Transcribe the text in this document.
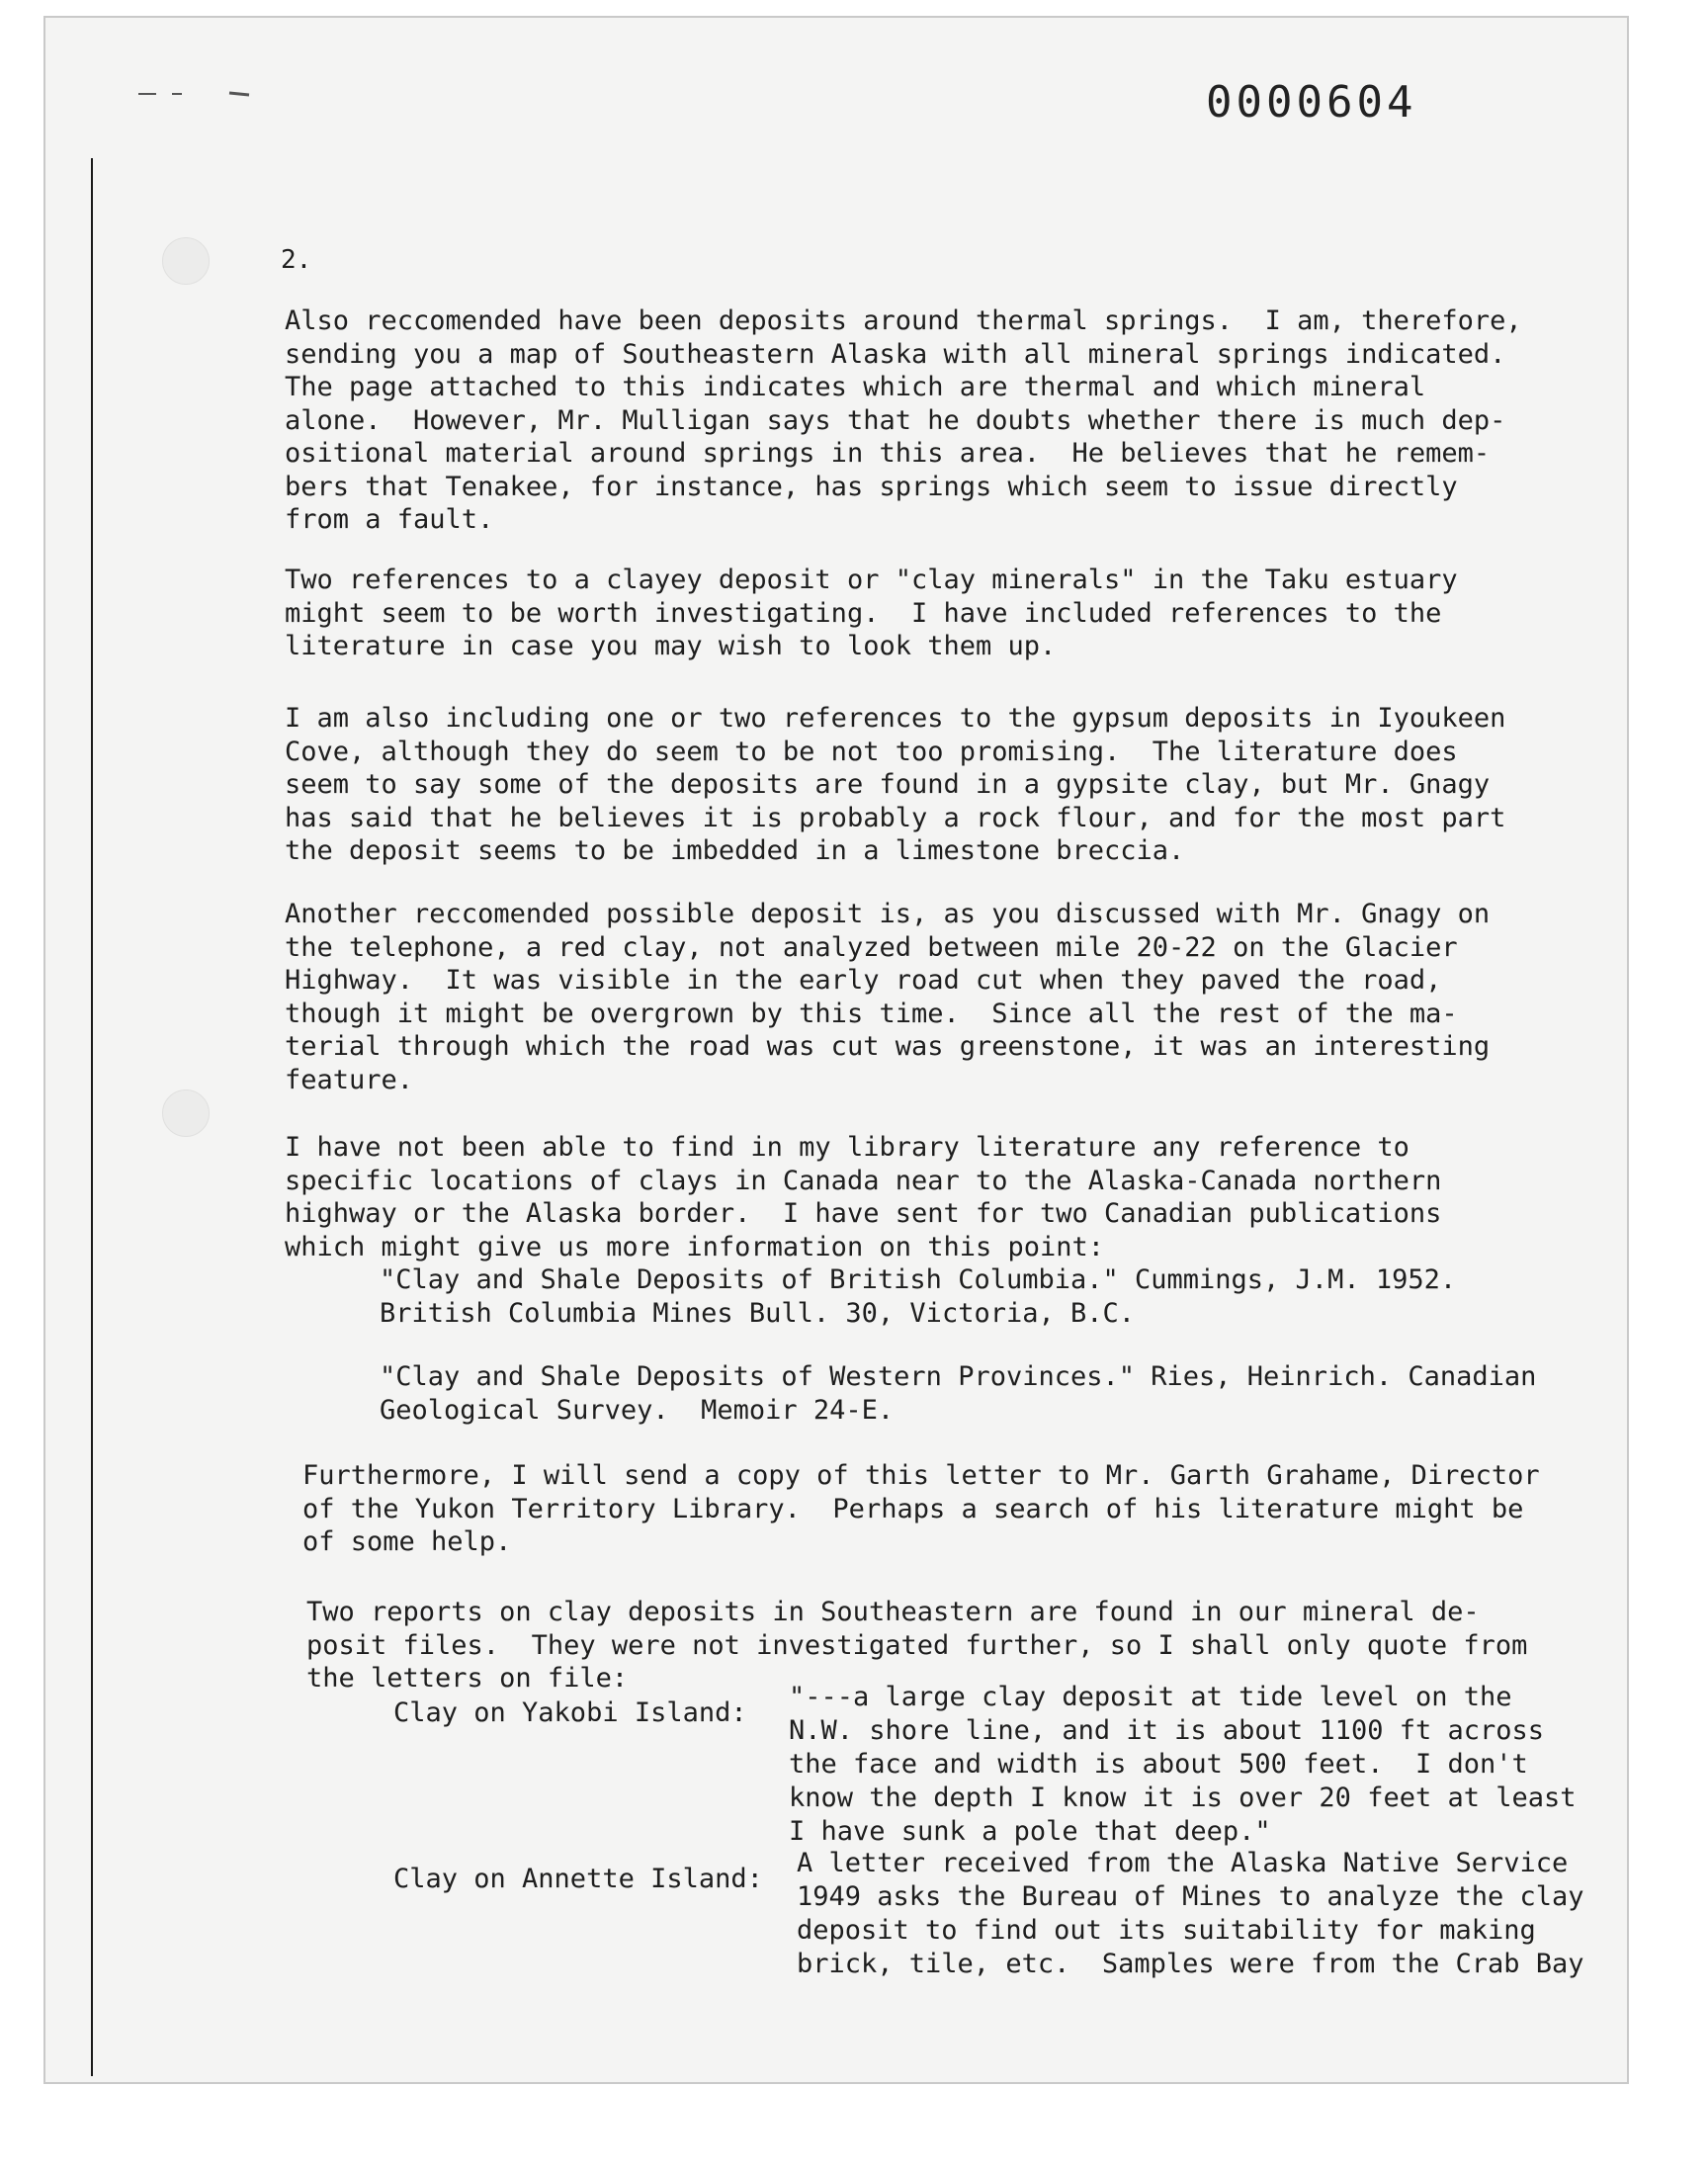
0000604
2.

Also reccomended have been deposits around thermal springs.  I am, therefore,
sending you a map of Southeastern Alaska with all mineral springs indicated.
The page attached to this indicates which are thermal and which mineral
alone.  However, Mr. Mulligan says that he doubts whether there is much dep-
ositional material around springs in this area.  He believes that he remem-
bers that Tenakee, for instance, has springs which seem to issue directly
from a fault.

Two references to a clayey deposit or "clay minerals" in the Taku estuary
might seem to be worth investigating.  I have included references to the
literature in case you may wish to look them up.

I am also including one or two references to the gypsum deposits in Iyoukeen
Cove, although they do seem to be not too promising.  The literature does
seem to say some of the deposits are found in a gypsite clay, but Mr. Gnagy
has said that he believes it is probably a rock flour, and for the most part
the deposit seems to be imbedded in a limestone breccia.

Another reccomended possible deposit is, as you discussed with Mr. Gnagy on
the telephone, a red clay, not analyzed between mile 20-22 on the Glacier
Highway.  It was visible in the early road cut when they paved the road,
though it might be overgrown by this time.  Since all the rest of the ma-
terial through which the road was cut was greenstone, it was an interesting
feature.

I have not been able to find in my library literature any reference to
specific locations of clays in Canada near to the Alaska-Canada northern
highway or the Alaska border.  I have sent for two Canadian publications
which might give us more information on this point:

"Clay and Shale Deposits of British Columbia." Cummings, J.M. 1952.
British Columbia Mines Bull. 30, Victoria, B.C.

"Clay and Shale Deposits of Western Provinces." Ries, Heinrich. Canadian
Geological Survey.  Memoir 24-E.

Furthermore, I will send a copy of this letter to Mr. Garth Grahame, Director
of the Yukon Territory Library.  Perhaps a search of his literature might be
of some help.

Two reports on clay deposits in Southeastern are found in our mineral de-
posit files.  They were not investigated further, so I shall only quote from
the letters on file:

Clay on Yakobi Island:

"---a large clay deposit at tide level on the
N.W. shore line, and it is about 1100 ft across
the face and width is about 500 feet.  I don't
know the depth I know it is over 20 feet at least
I have sunk a pole that deep."

Clay on Annette Island:

A letter received from the Alaska Native Service
1949 asks the Bureau of Mines to analyze the clay
deposit to find out its suitability for making
brick, tile, etc.  Samples were from the Crab Bay
